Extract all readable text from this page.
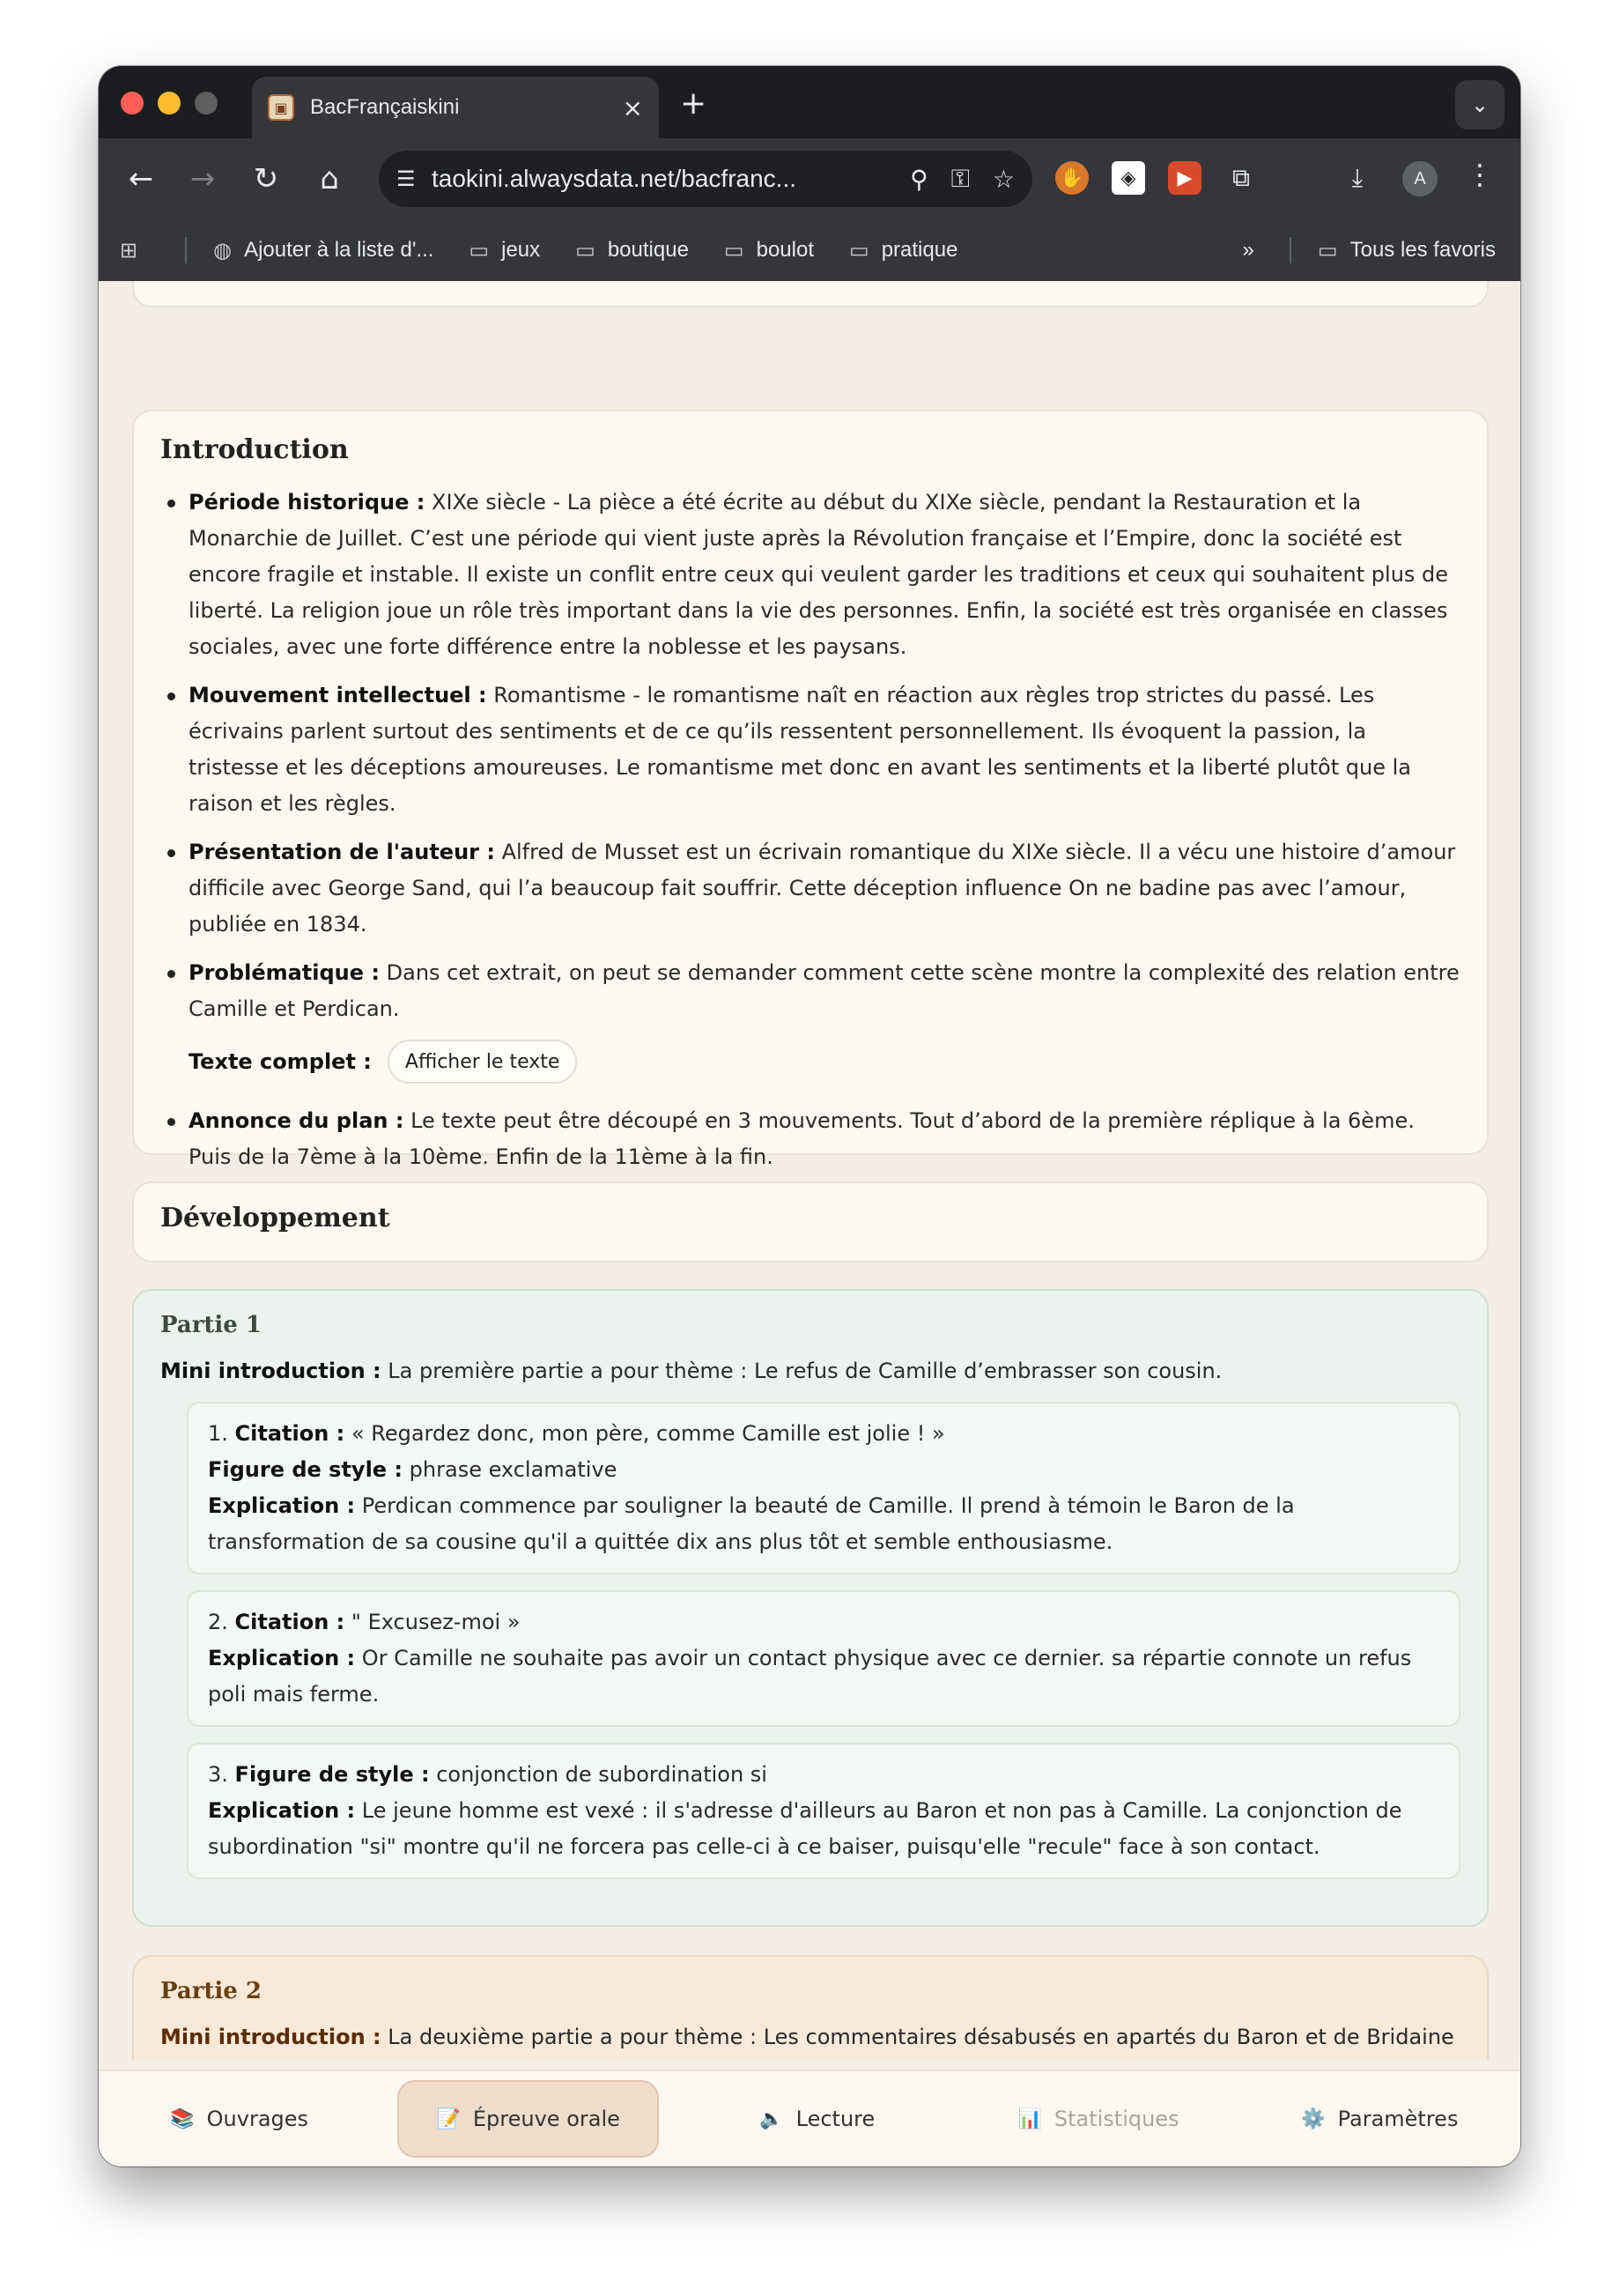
▣	BacFrançaiskini	× +	⌄
← → ↻	⌂	☰ taokini.alwaysdata.net/bacfranc...	⚲ ⚿ ☆ ✋	◈	▶	⧉	⤓	A	⋮
⊞	◍ Ajouter à la liste d'... ▭ jeux ▭ boutique ▭ boulot ▭ pratique	»	▭ Tous les favoris
Introduction
Période historique : XIXe siècle - La pièce a été écrite au début du XIXe siècle, pendant la Restauration et la Monarchie de Juillet. C’est une période qui vient juste après la Révolution française et l’Empire, donc la société est encore fragile et instable. Il existe un conflit entre ceux qui veulent garder les traditions et ceux qui souhaitent plus de liberté. La religion joue un rôle très important dans la vie des personnes. Enfin, la société est très organisée en classes sociales, avec une forte différence entre la noblesse et les paysans.
Mouvement intellectuel : Romantisme - le romantisme naît en réaction aux règles trop strictes du passé. Les écrivains parlent surtout des sentiments et de ce qu’ils ressentent personnellement. Ils évoquent la passion, la tristesse et les déceptions amoureuses. Le romantisme met donc en avant les sentiments et la liberté plutôt que la raison et les règles.
Présentation de l'auteur : Alfred de Musset est un écrivain romantique du XIXe siècle. Il a vécu une histoire d’amour difficile avec George Sand, qui l’a beaucoup fait souffrir. Cette déception influence On ne badine pas avec l’amour, publiée en 1834.
Problématique : Dans cet extrait, on peut se demander comment cette scène montre la complexité des relation entre Camille et Perdican.
Texte complet :	Afficher le texte
Annonce du plan : Le texte peut être découpé en 3 mouvements. Tout d’abord de la première réplique à la 6ème. Puis de la 7ème à la 10ème. Enfin de la 11ème à la fin.
Développement
Partie 1
Mini introduction : La première partie a pour thème : Le refus de Camille d’embrasser son cousin.
1. Citation : « Regardez donc, mon père, comme Camille est jolie ! »
Figure de style : phrase exclamative
Explication : Perdican commence par souligner la beauté de Camille. Il prend à témoin le Baron de la transformation de sa cousine qu'il a quittée dix ans plus tôt et semble enthousiasme.
2. Citation : " Excusez-moi »
Explication : Or Camille ne souhaite pas avoir un contact physique avec ce dernier. sa répartie connote un refus poli mais ferme.
3. Figure de style : conjonction de subordination si
Explication : Le jeune homme est vexé : il s'adresse d'ailleurs au Baron et non pas à Camille. La conjonction de subordination "si" montre qu'il ne forcera pas celle-ci à ce baiser, puisqu'elle "recule" face à son contact.
Partie 2
Mini introduction : La deuxième partie a pour thème : Les commentaires désabusés en apartés du Baron et de Bridaine
📚 Ouvrages	📝 Épreuve orale	🔈 Lecture	📊 Statistiques	⚙️ Paramètres
